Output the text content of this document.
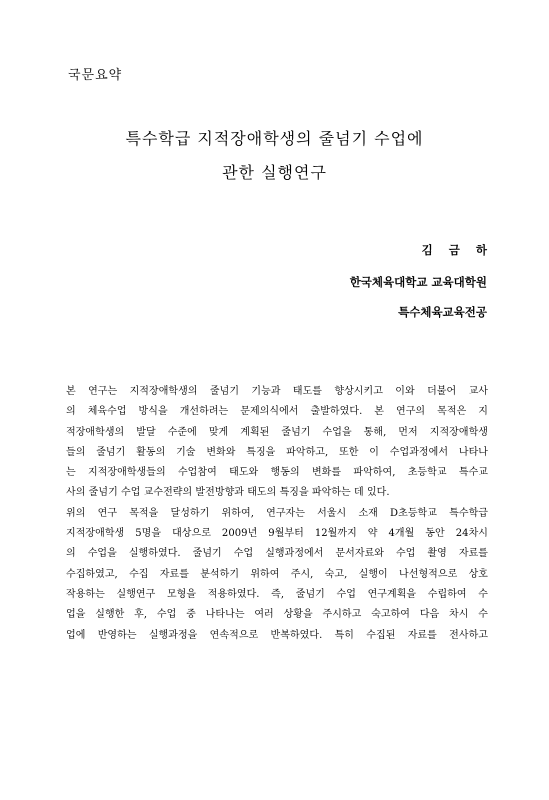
국문요약
특수학급 지적장애학생의 줄넘기 수업에
관한 실행연구
김 금 하
한국체육대학교 교육대학원
특수체육교육전공

본 연구는 지적장애학생의 줄넘기 기능과 태도를 향상시키고 이와 더불어 교사

의 체육수업 방식을 개선하려는 문제의식에서 출발하였다. 본 연구의 목적은 지

적장애학생의 발달 수준에 맞게 계획된 줄넘기 수업을 통해, 먼저 지적장애학생

들의 줄넘기 활동의 기술 변화와 특징을 파악하고, 또한 이 수업과정에서 나타나

는 지적장애학생들의 수업참여 태도와 행동의 변화를 파악하여, 초등학교 특수교

사의 줄넘기 수업 교수전략의 발전방향과 태도의 특징을 파악하는 데 있다.

위의 연구 목적을 달성하기 위하여, 연구자는 서울시 소재 D초등학교 특수학급

지적장애학생 5명을 대상으로 2009년 9월부터 12월까지 약 4개월 동안 24차시

의 수업을 실행하였다. 줄넘기 수업 실행과정에서 문서자료와 수업 촬영 자료를

수집하였고, 수집 자료를 분석하기 위하여 주시, 숙고, 실행이 나선형적으로 상호

작용하는 실행연구 모형을 적용하였다. 즉, 줄넘기 수업 연구계획을 수립하여 수

업을 실행한 후, 수업 중 나타나는 여러 상황을 주시하고 숙고하여 다음 차시 수

업에 반영하는 실행과정을 연속적으로 반복하였다. 특히 수집된 자료를 전사하고
